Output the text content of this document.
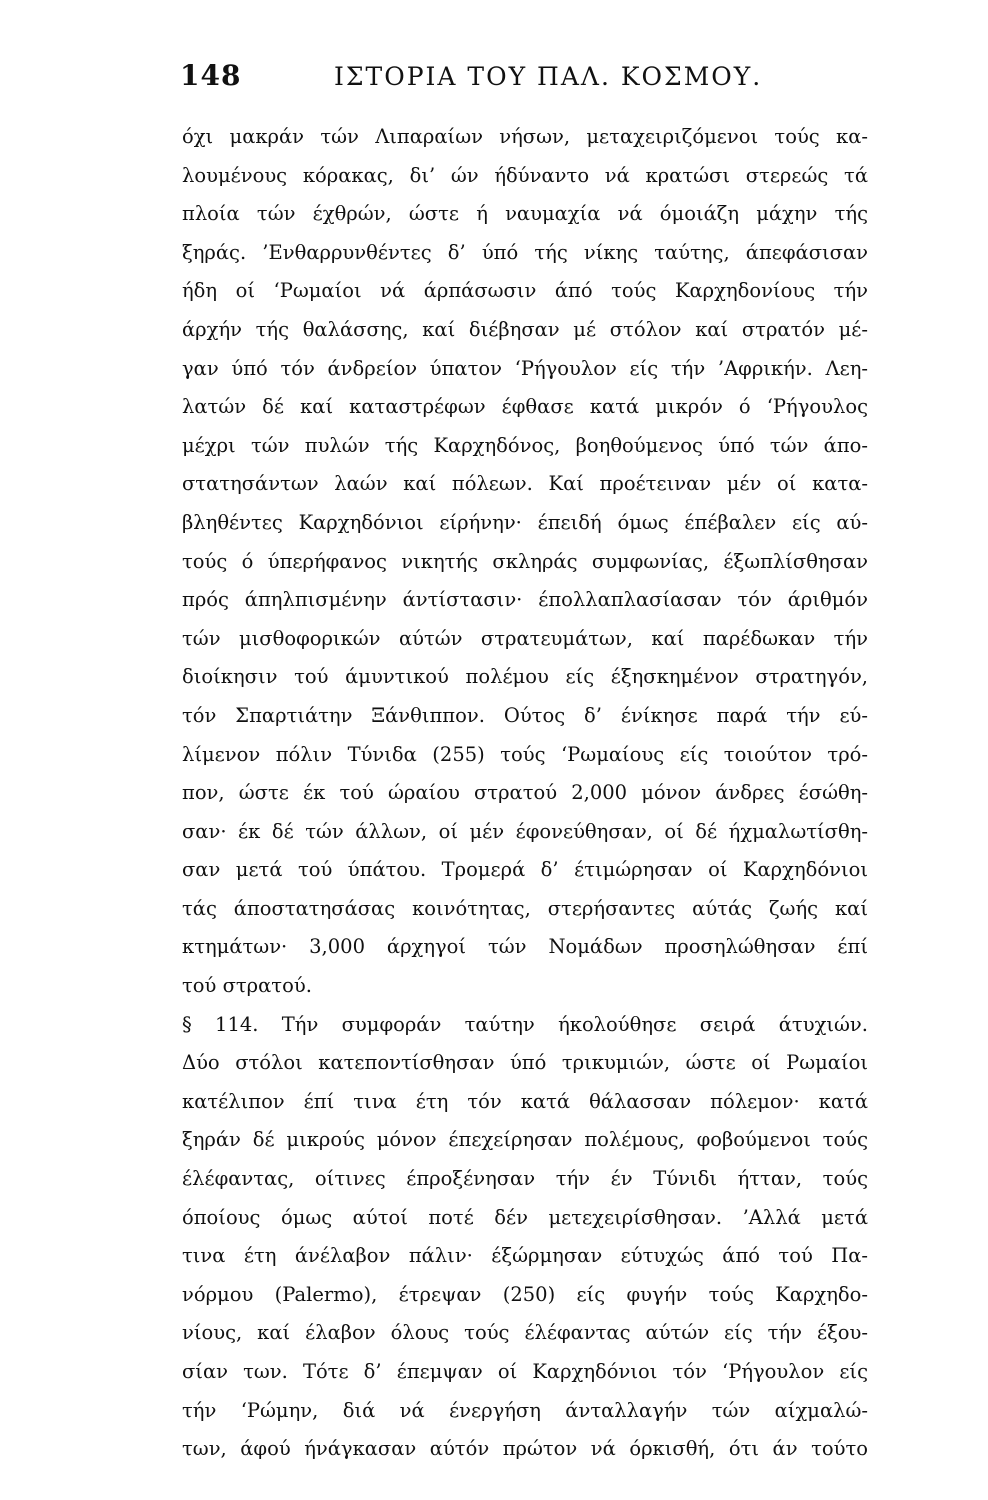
148	ΙΣΤΟΡΙΑ ΤΟΥ ΠΑΛ. ΚΟΣΜΟΥ.
όχι μακράν τών Λιπαραίων νήσων, μεταχειριζόμενοι τούς κα-
λουμένους κόρακας, δι’ ών ήδύναντο νά κρατώσι στερεώς τά
πλοία τών έχθρών, ώστε ή ναυμαχία νά όμοιάζη μάχην τής
ξηράς. ’Ενθαρρυνθέντες δ’ ύπό τής νίκης ταύτης, άπεφάσισαν
ήδη οί ‘Ρωμαίοι νά άρπάσωσιν άπό τούς Καρχηδονίους τήν
άρχήν τής θαλάσσης, καί διέβησαν μέ στόλον καί στρατόν μέ-
γαν ύπό τόν άνδρείον ύπατον ‘Ρήγουλον είς τήν ’Αφρικήν. Λεη-
λατών δέ καί καταστρέφων έφθασε κατά μικρόν ό ‘Ρήγουλος
μέχρι τών πυλών τής Καρχηδόνος, βοηθούμενος ύπό τών άπο-
στατησάντων λαών καί πόλεων. Καί προέτειναν μέν οί κατα-
βληθέντες Καρχηδόνιοι είρήνην· έπειδή όμως έπέβαλεν είς αύ-
τούς ό ύπερήφανος νικητής σκληράς συμφωνίας, έξωπλίσθησαν
πρός άπηλπισμένην άντίστασιν· έπολλαπλασίασαν τόν άριθμόν
τών μισθοφορικών αύτών στρατευμάτων, καί παρέδωκαν τήν
διοίκησιν τού άμυντικού πολέμου είς έξησκημένον στρατηγόν,
τόν Σπαρτιάτην Ξάνθιππον. Ούτος δ’ ένίκησε παρά τήν εύ-
λίμενον πόλιν Τύνιδα (255) τούς ‘Ρωμαίους είς τοιούτον τρό-
πον, ώστε έκ τού ώραίου στρατού 2,000 μόνον άνδρες έσώθη-
σαν· έκ δέ τών άλλων, οί μέν έφονεύθησαν, οί δέ ήχμαλωτίσθη-
σαν μετά τού ύπάτου. Τρομερά δ’ έτιμώρησαν οί Καρχηδόνιοι
τάς άποστατησάσας κοινότητας, στερήσαντες αύτάς ζωής καί
κτημάτων· 3,000 άρχηγοί τών Νομάδων προσηλώθησαν έπί
τού στρατού.
§ 114. Τήν συμφοράν ταύτην ήκολούθησε σειρά άτυχιών.
Δύο στόλοι κατεποντίσθησαν ύπό τρικυμιών, ώστε οί Ρωμαίοι
κατέλιπον έπί τινα έτη τόν κατά θάλασσαν πόλεμον· κατά
ξηράν δέ μικρούς μόνον έπεχείρησαν πολέμους, φοβούμενοι τούς
έλέφαντας, οίτινες έπροξένησαν τήν έν Τύνιδι ήτταν, τούς
όποίους όμως αύτοί ποτέ δέν μετεχειρίσθησαν. ’Αλλά μετά
τινα έτη άνέλαβον πάλιν· έξώρμησαν εύτυχώς άπό τού Πα-
νόρμου (Palermo), έτρεψαν (250) είς φυγήν τούς Καρχηδο-
νίους, καί έλαβον όλους τούς έλέφαντας αύτών είς τήν έξου-
σίαν των. Τότε δ’ έπεμψαν οί Καρχηδόνιοι τόν ‘Ρήγουλον είς
τήν ‘Ρώμην, διά νά ένεργήση άνταλλαγήν τών αίχμαλώ-
των, άφού ήνάγκασαν αύτόν πρώτον νά όρκισθή, ότι άν τούτο
